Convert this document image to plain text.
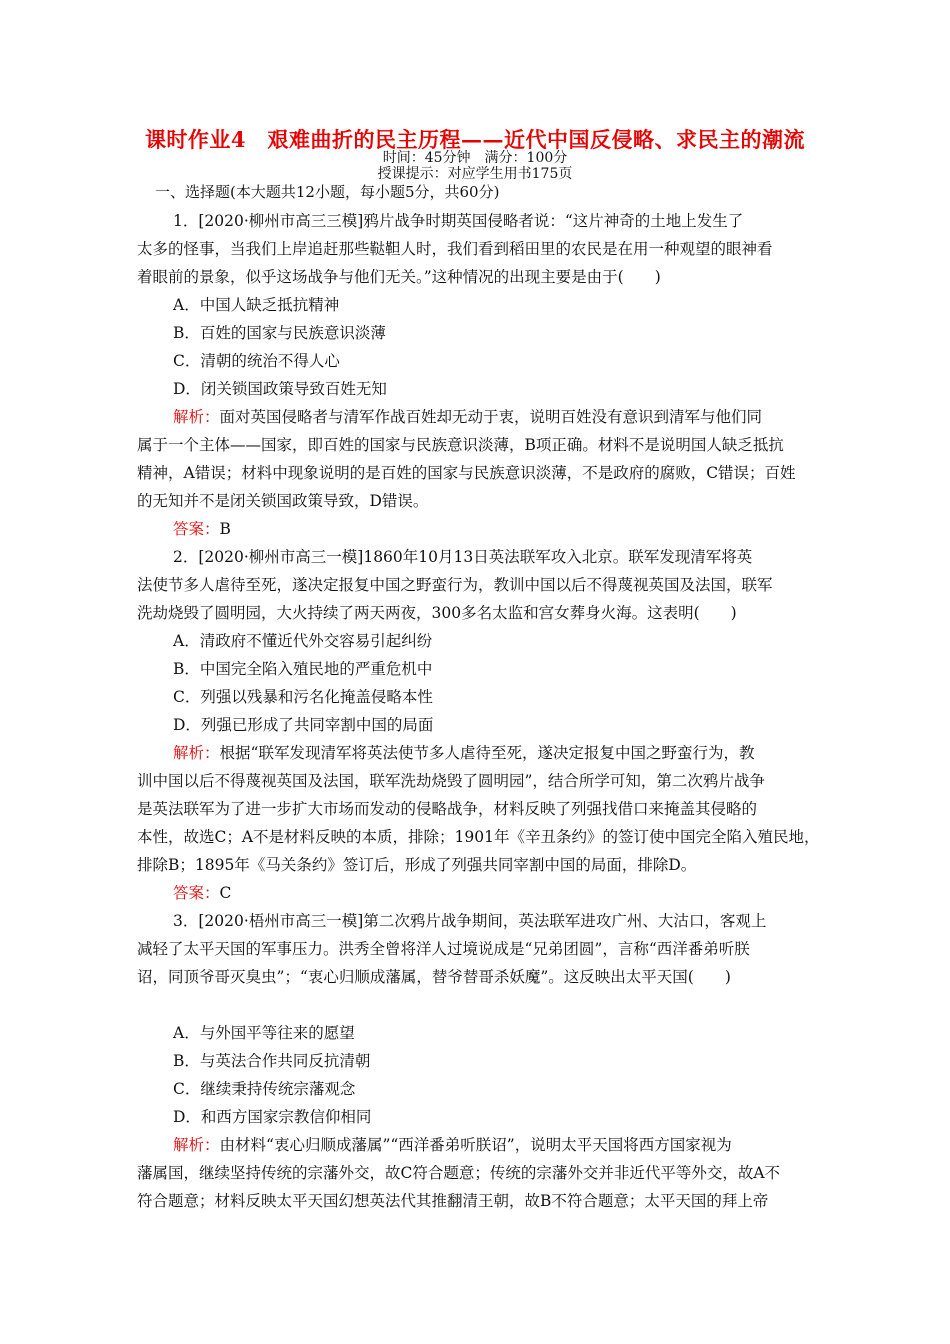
课时作业4　艰难曲折的民主历程——近代中国反侵略、求民主的潮流
时间：45分钟　满分：100分
授课提示：对应学生用书175页
一、选择题(本大题共12小题，每小题5分，共60分)
1．[2020·柳州市高三三模]鸦片战争时期英国侵略者说：“这片神奇的土地上发生了
太多的怪事，当我们上岸追赶那些鞑靼人时，我们看到稻田里的农民是在用一种观望的眼神看
着眼前的景象，似乎这场战争与他们无关。”这种情况的出现主要是由于(　　)
A．中国人缺乏抵抗精神
B．百姓的国家与民族意识淡薄
C．清朝的统治不得人心
D．闭关锁国政策导致百姓无知
解析：面对英国侵略者与清军作战百姓却无动于衷，说明百姓没有意识到清军与他们同
属于一个主体——国家，即百姓的国家与民族意识淡薄，B项正确。材料不是说明国人缺乏抵抗
精神，A错误；材料中现象说明的是百姓的国家与民族意识淡薄，不是政府的腐败，C错误；百姓
的无知并不是闭关锁国政策导致，D错误。
答案：B
2．[2020·柳州市高三一模]1860年10月13日英法联军攻入北京。联军发现清军将英
法使节多人虐待至死，遂决定报复中国之野蛮行为，教训中国以后不得蔑视英国及法国，联军
洗劫烧毁了圆明园，大火持续了两天两夜，300多名太监和宫女葬身火海。这表明(　　)
A．清政府不懂近代外交容易引起纠纷
B．中国完全陷入殖民地的严重危机中
C．列强以残暴和污名化掩盖侵略本性
D．列强已形成了共同宰割中国的局面
解析：根据“联军发现清军将英法使节多人虐待至死，遂决定报复中国之野蛮行为，教
训中国以后不得蔑视英国及法国，联军洗劫烧毁了圆明园”，结合所学可知，第二次鸦片战争
是英法联军为了进一步扩大市场而发动的侵略战争，材料反映了列强找借口来掩盖其侵略的
本性，故选C；A不是材料反映的本质，排除；1901年《辛丑条约》的签订使中国完全陷入殖民地，
排除B；1895年《马关条约》签订后，形成了列强共同宰割中国的局面，排除D。
答案：C
3．[2020·梧州市高三一模]第二次鸦片战争期间，英法联军进攻广州、大沽口，客观上
减轻了太平天国的军事压力。洪秀全曾将洋人过境说成是“兄弟团圆”，言称“西洋番弟听朕
诏，同顶爷哥灭臭虫”；“衷心归顺成藩属，替爷替哥杀妖魔”。这反映出太平天国(　　)
A．与外国平等往来的愿望
B．与英法合作共同反抗清朝
C．继续秉持传统宗藩观念
D．和西方国家宗教信仰相同
解析：由材料“衷心归顺成藩属”“西洋番弟听朕诏”，说明太平天国将西方国家视为
藩属国，继续坚持传统的宗藩外交，故C符合题意；传统的宗藩外交并非近代平等外交，故A不
符合题意；材料反映太平天国幻想英法代其推翻清王朝，故B不符合题意；太平天国的拜上帝
